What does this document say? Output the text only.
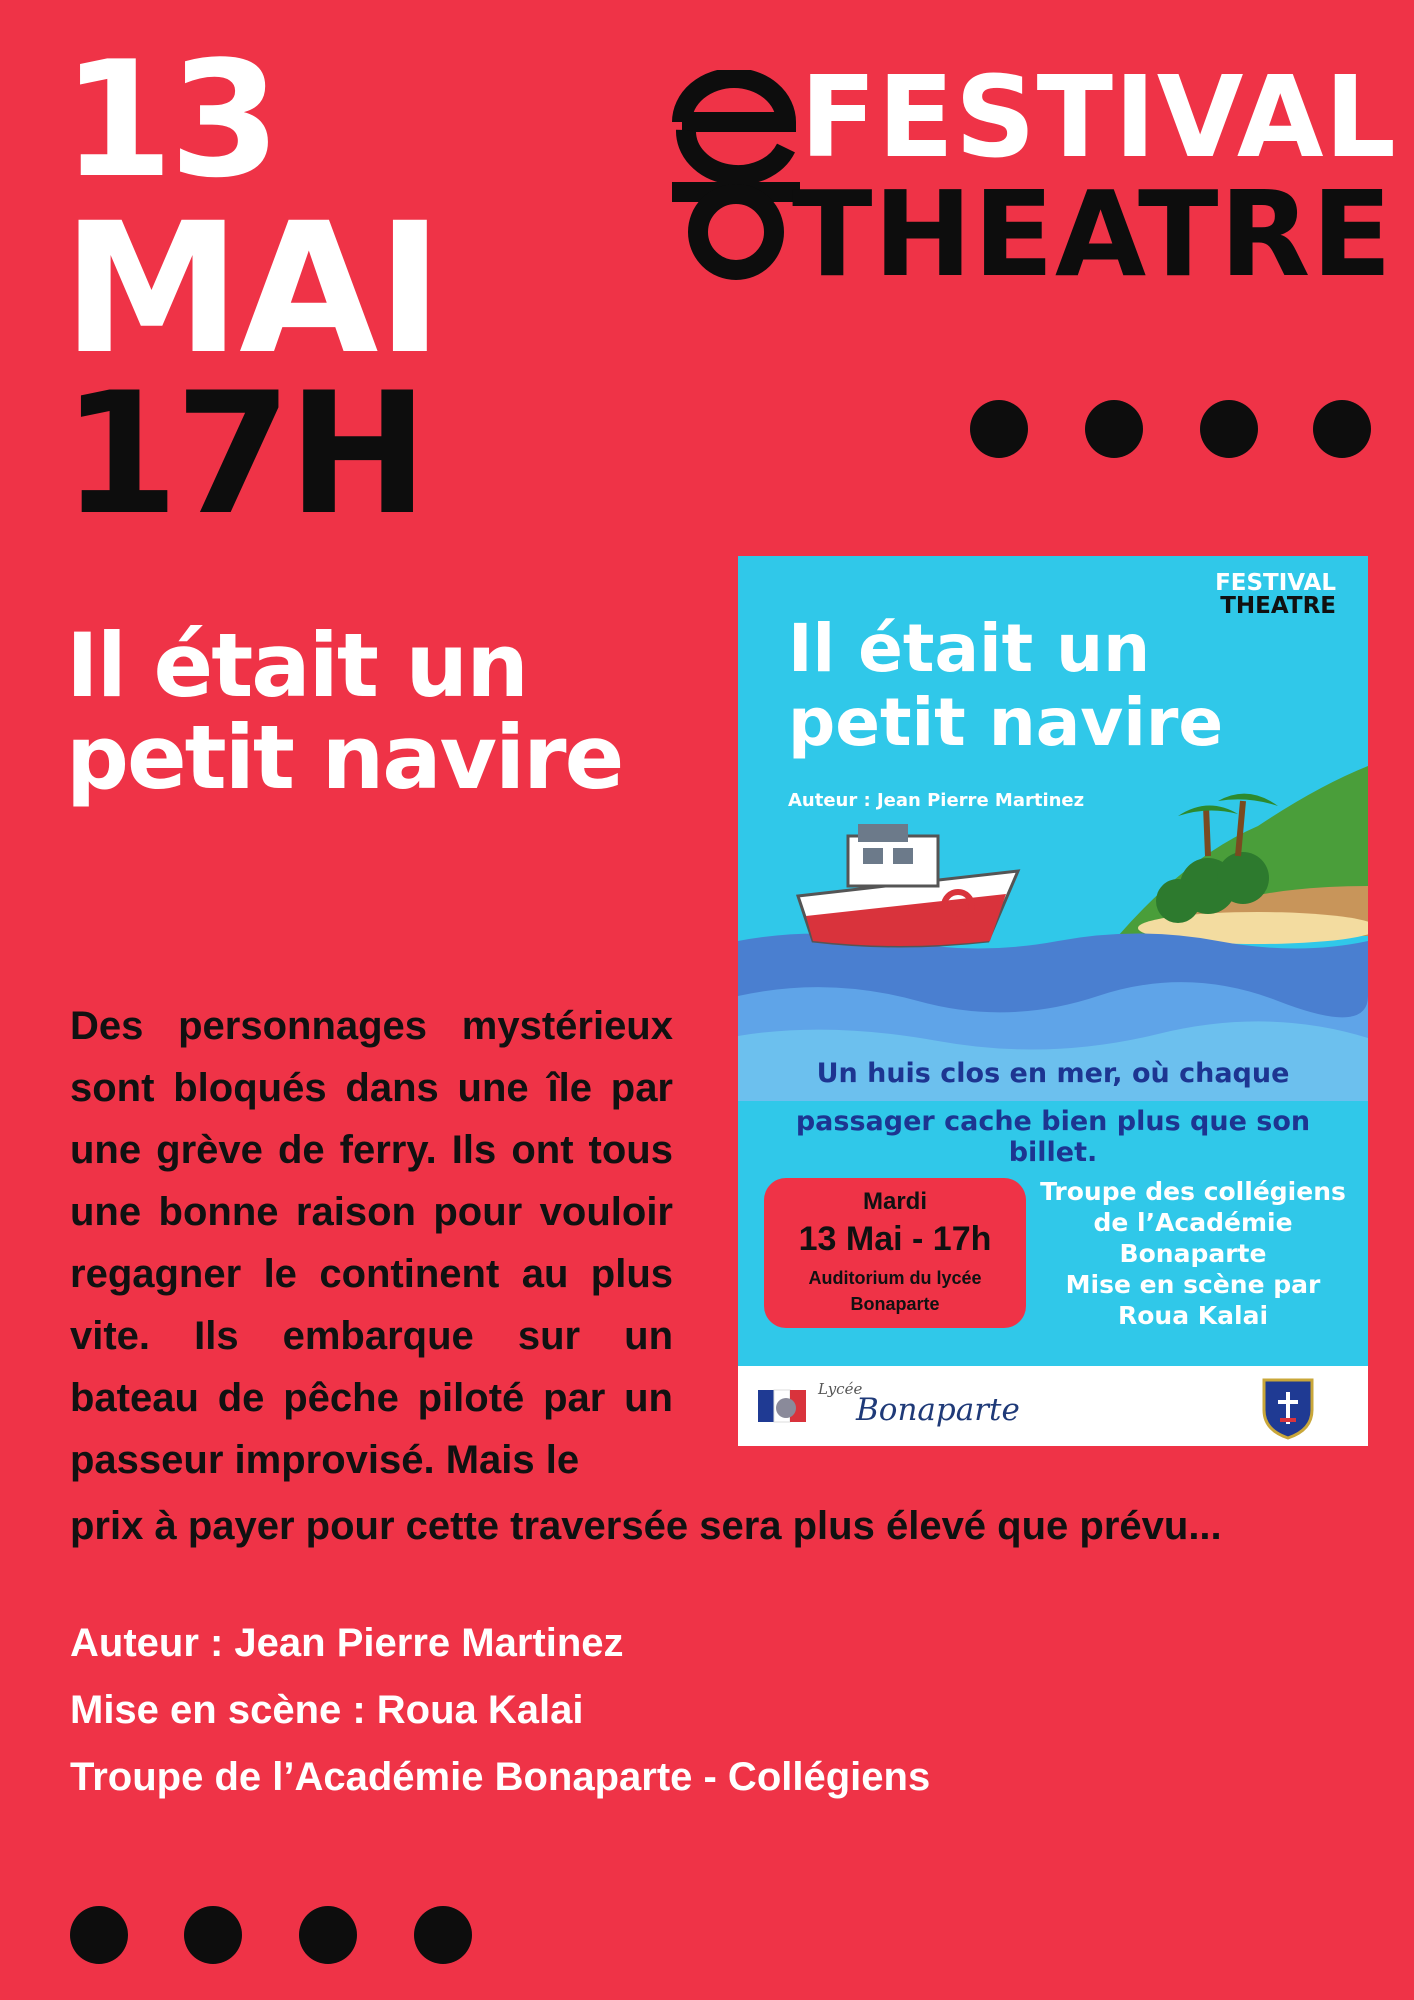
13
MAI
17H
FESTIVAL
THEATRE
Il était un
petit navire
Des personnages mystérieux sont bloqués dans une île par une grève de ferry. Ils ont tous une bonne raison pour vouloir regagner le continent au plus vite. Ils embarque sur un bateau de pêche piloté par un passeur improvisé. Mais le
prix à payer pour cette traversée sera plus élevé que prévu...
Auteur : Jean Pierre Martinez
Mise en scène : Roua Kalai
Troupe de l’Académie Bonaparte - Collégiens
FESTIVAL
THEATRE
Il était un
petit navire
Auteur : Jean Pierre Martinez
Un huis clos en mer, où chaque
passager cache bien plus que son billet.
Mardi
13 Mai - 17h
Auditorium du lycée
Bonaparte
Troupe des collégiens
de l’Académie
Bonaparte
Mise en scène par
Roua Kalai
Lycée
Bonaparte
